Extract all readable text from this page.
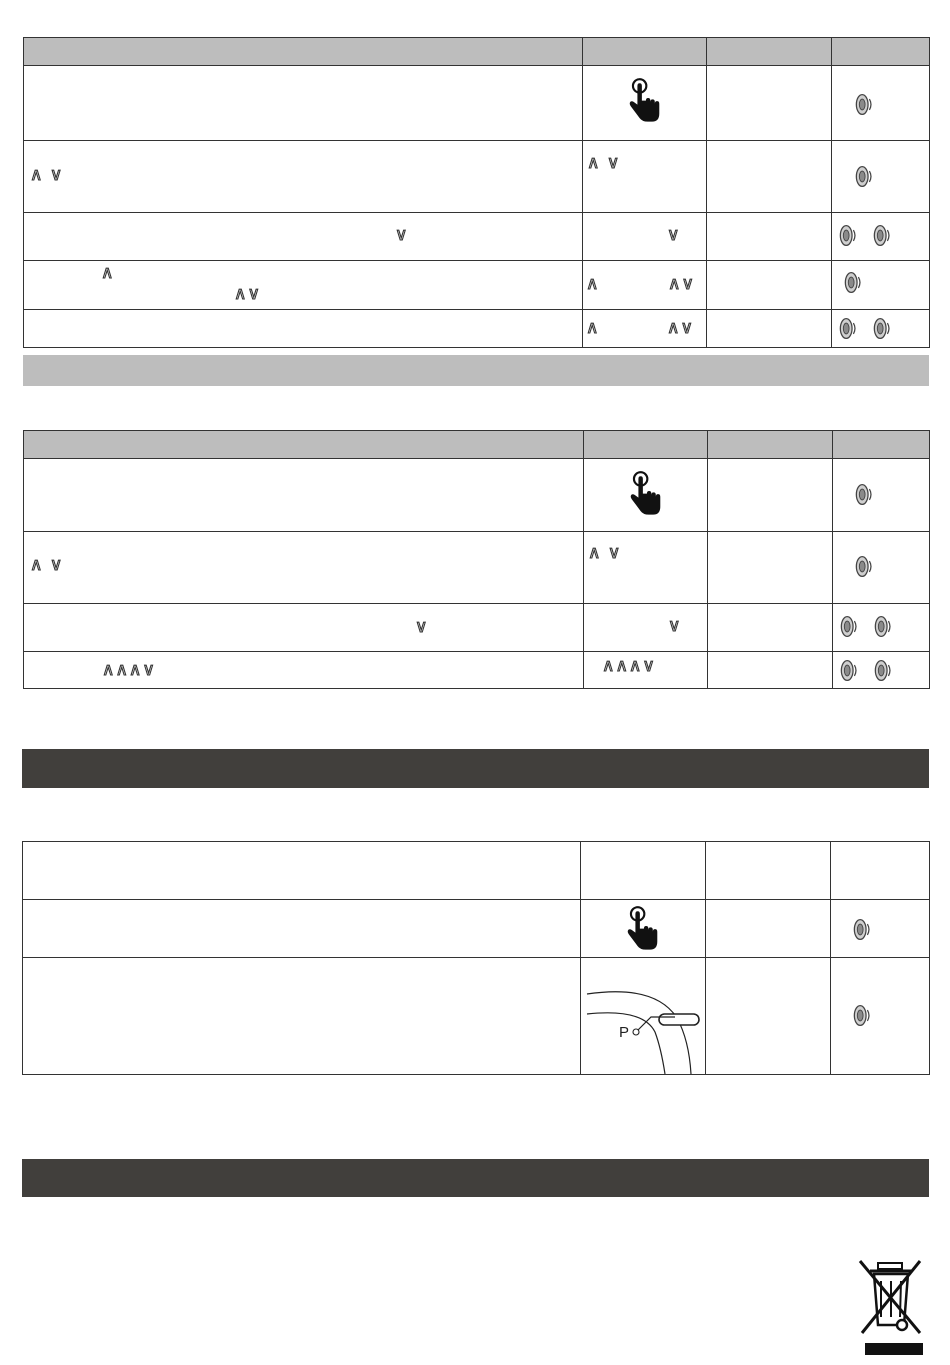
∧ ∨	∧ ∨

∨	∨

∧
∧∨	∧ ∧∨

	∧ ∧∨

∧ ∨	∧ ∨

∨	∨

∧∧∧∨	∧∧∧∨

	P
